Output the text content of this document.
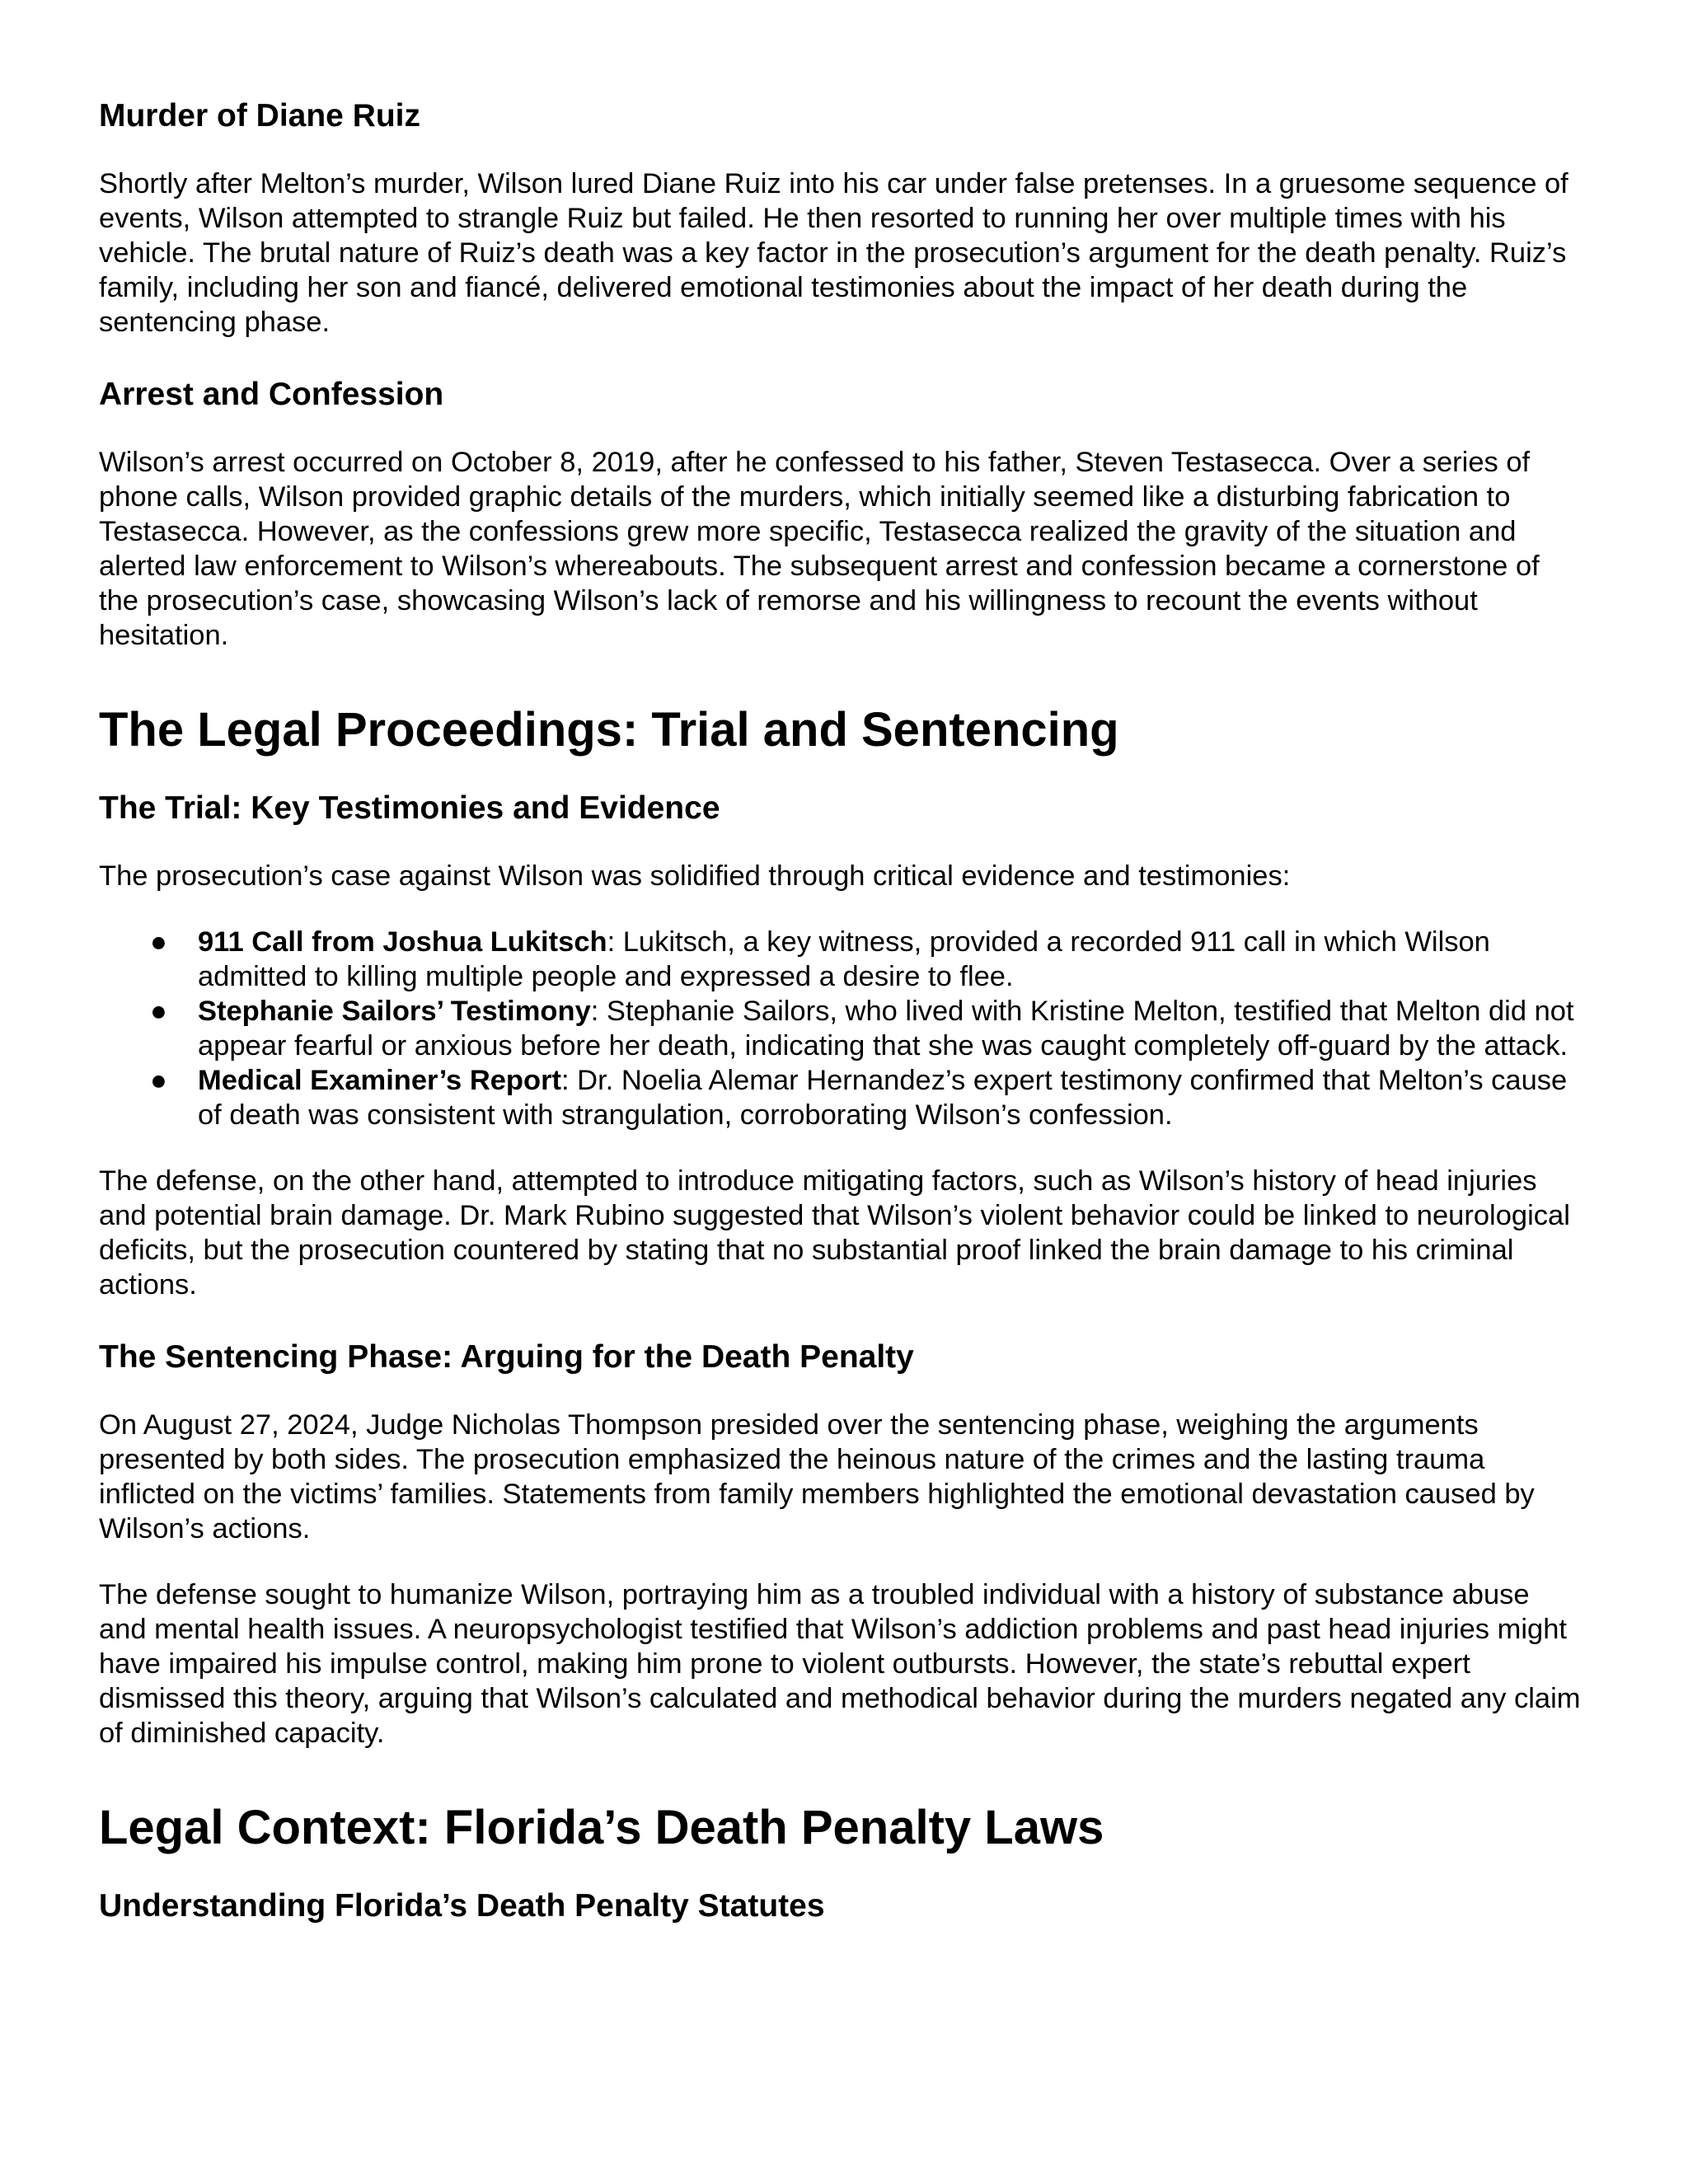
Murder of Diane Ruiz

Shortly after Melton’s murder, Wilson lured Diane Ruiz into his car under false pretenses. In a gruesome sequence of events, Wilson attempted to strangle Ruiz but failed. He then resorted to running her over multiple times with his vehicle. The brutal nature of Ruiz’s death was a key factor in the prosecution’s argument for the death penalty. Ruiz’s family, including her son and fiancé, delivered emotional testimonies about the impact of her death during the sentencing phase.

Arrest and Confession

Wilson’s arrest occurred on October 8, 2019, after he confessed to his father, Steven Testasecca. Over a series of phone calls, Wilson provided graphic details of the murders, which initially seemed like a disturbing fabrication to Testasecca. However, as the confessions grew more specific, Testasecca realized the gravity of the situation and alerted law enforcement to Wilson’s whereabouts. The subsequent arrest and confession became a cornerstone of the prosecution’s case, showcasing Wilson’s lack of remorse and his willingness to recount the events without hesitation.

The Legal Proceedings: Trial and Sentencing
The Trial: Key Testimonies and Evidence

The prosecution’s case against Wilson was solidified through critical evidence and testimonies:

● 911 Call from Joshua Lukitsch: Lukitsch, a key witness, provided a recorded 911 call in which Wilson admitted to killing multiple people and expressed a desire to flee.
● Stephanie Sailors’ Testimony: Stephanie Sailors, who lived with Kristine Melton, testified that Melton did not appear fearful or anxious before her death, indicating that she was caught completely off-guard by the attack.
● Medical Examiner’s Report: Dr. Noelia Alemar Hernandez’s expert testimony confirmed that Melton’s cause of death was consistent with strangulation, corroborating Wilson’s confession.

The defense, on the other hand, attempted to introduce mitigating factors, such as Wilson’s history of head injuries and potential brain damage. Dr. Mark Rubino suggested that Wilson’s violent behavior could be linked to neurological deficits, but the prosecution countered by stating that no substantial proof linked the brain damage to his criminal actions.

The Sentencing Phase: Arguing for the Death Penalty

On August 27, 2024, Judge Nicholas Thompson presided over the sentencing phase, weighing the arguments presented by both sides. The prosecution emphasized the heinous nature of the crimes and the lasting trauma inflicted on the victims’ families. Statements from family members highlighted the emotional devastation caused by Wilson’s actions.

The defense sought to humanize Wilson, portraying him as a troubled individual with a history of substance abuse and mental health issues. A neuropsychologist testified that Wilson’s addiction problems and past head injuries might have impaired his impulse control, making him prone to violent outbursts. However, the state’s rebuttal expert dismissed this theory, arguing that Wilson’s calculated and methodical behavior during the murders negated any claim of diminished capacity.

Legal Context: Florida’s Death Penalty Laws
Understanding Florida’s Death Penalty Statutes
